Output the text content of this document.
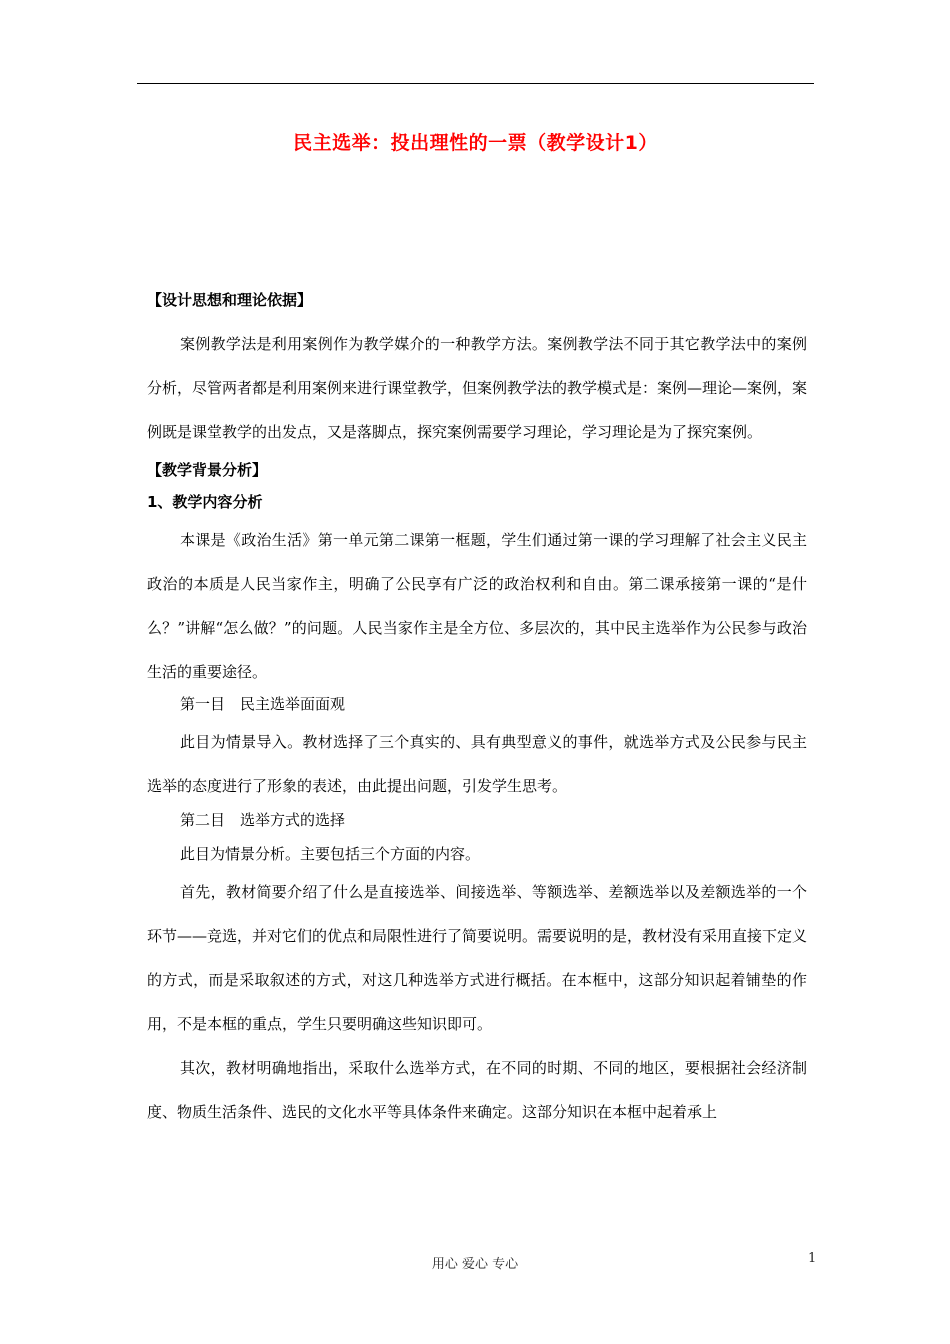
民主选举：投出理性的一票（教学设计1）
【设计思想和理论依据】

案例教学法是利用案例作为教学媒介的一种教学方法。案例教学法不同于其它教学法中的案例分析，尽管两者都是利用案例来进行课堂教学，但案例教学法的教学模式是：案例—理论—案例，案例既是课堂教学的出发点，又是落脚点，探究案例需要学习理论，学习理论是为了探究案例。

【教学背景分析】
1、教学内容分析

本课是《政治生活》第一单元第二课第一框题，学生们通过第一课的学习理解了社会主义民主政治的本质是人民当家作主，明确了公民享有广泛的政治权利和自由。第二课承接第一课的“是什么？”讲解“怎么做？”的问题。人民当家作主是全方位、多层次的，其中民主选举作为公民参与政治生活的重要途径。

第一目　民主选举面面观

此目为情景导入。教材选择了三个真实的、具有典型意义的事件，就选举方式及公民参与民主选举的态度进行了形象的表述，由此提出问题，引发学生思考。

第二目　选举方式的选择

此目为情景分析。主要包括三个方面的内容。

首先，教材简要介绍了什么是直接选举、间接选举、等额选举、差额选举以及差额选举的一个环节——竞选，并对它们的优点和局限性进行了简要说明。需要说明的是，教材没有采用直接下定义的方式，而是采取叙述的方式，对这几种选举方式进行概括。在本框中，这部分知识起着铺垫的作用，不是本框的重点，学生只要明确这些知识即可。

其次，教材明确地指出，采取什么选举方式，在不同的时期、不同的地区，要根据社会经济制度、物质生活条件、选民的文化水平等具体条件来确定。这部分知识在本框中起着承上

用心 爱心 专心	1
